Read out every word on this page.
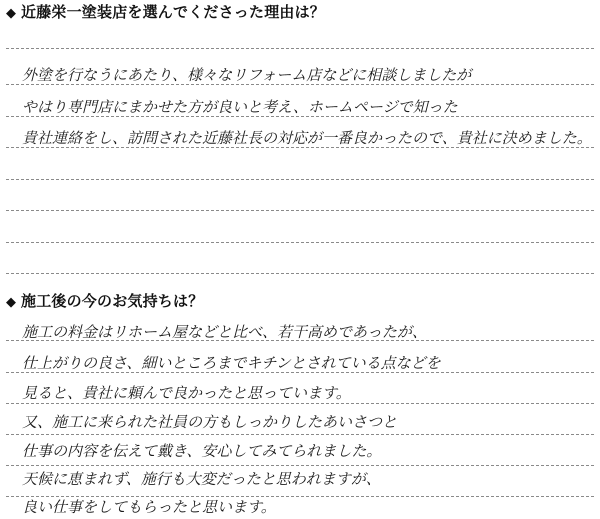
◆ 近藤栄一塗装店を選んでくださった理由は？
外塗を行なうにあたり、様々なリフォーム店などに相談しましたが
やはり専門店にまかせた方が良いと考え、ホームページで知った
貴社連絡をし、訪問された近藤社長の対応が一番良かったので、貴社に決めました。
◆ 施工後の今のお気持ちは？
施工の料金はリホーム屋などと比べ、若干高めであったが、
仕上がりの良さ、細いところまでキチンとされている点などを
見ると、貴社に頼んで良かったと思っています。
又、施工に来られた社員の方もしっかりしたあいさつと
仕事の内容を伝えて戴き、安心してみてられました。
天候に恵まれず、施行も大変だったと思われますが、
良い仕事をしてもらったと思います。
